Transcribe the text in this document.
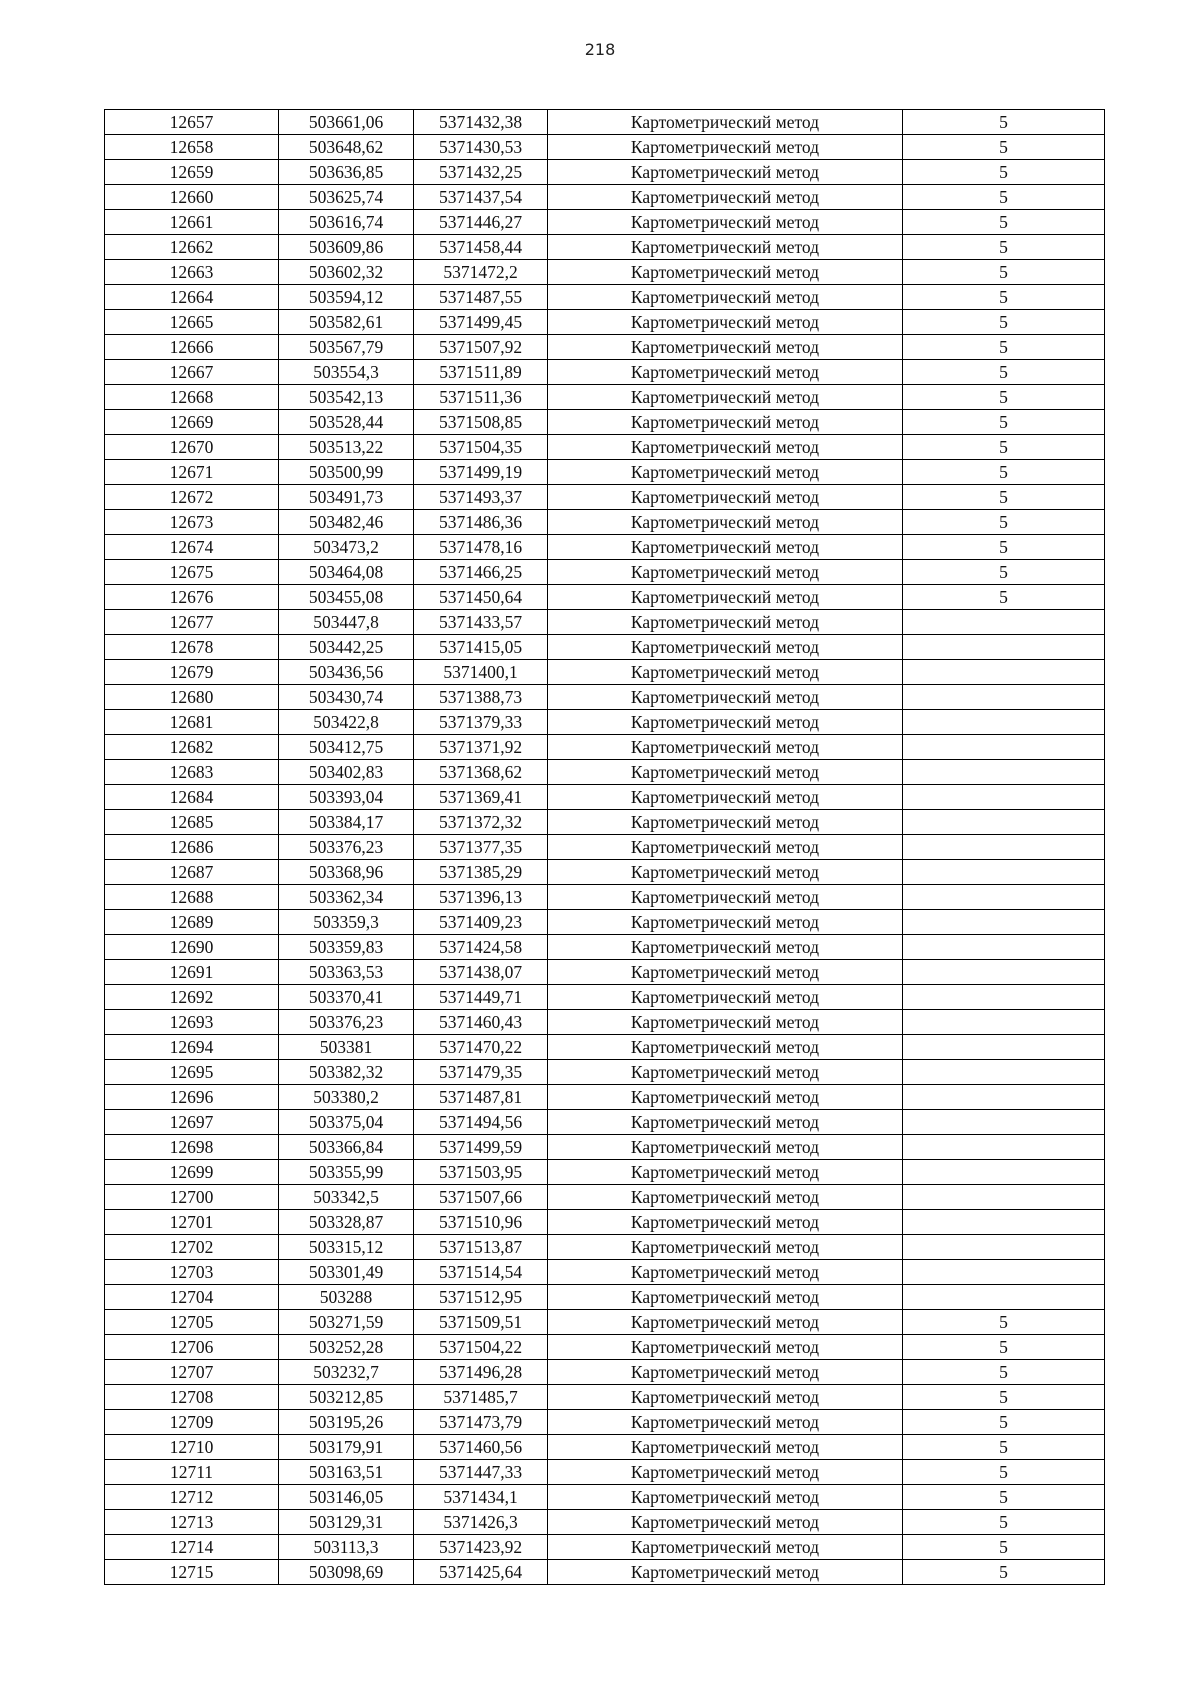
218
12657	503661,06	5371432,38	Картометрический метод	5
12658	503648,62	5371430,53	Картометрический метод	5
12659	503636,85	5371432,25	Картометрический метод	5
12660	503625,74	5371437,54	Картометрический метод	5
12661	503616,74	5371446,27	Картометрический метод	5
12662	503609,86	5371458,44	Картометрический метод	5
12663	503602,32	5371472,2	Картометрический метод	5
12664	503594,12	5371487,55	Картометрический метод	5
12665	503582,61	5371499,45	Картометрический метод	5
12666	503567,79	5371507,92	Картометрический метод	5
12667	503554,3	5371511,89	Картометрический метод	5
12668	503542,13	5371511,36	Картометрический метод	5
12669	503528,44	5371508,85	Картометрический метод	5
12670	503513,22	5371504,35	Картометрический метод	5
12671	503500,99	5371499,19	Картометрический метод	5
12672	503491,73	5371493,37	Картометрический метод	5
12673	503482,46	5371486,36	Картометрический метод	5
12674	503473,2	5371478,16	Картометрический метод	5
12675	503464,08	5371466,25	Картометрический метод	5
12676	503455,08	5371450,64	Картометрический метод	5
12677	503447,8	5371433,57	Картометрический метод	
12678	503442,25	5371415,05	Картометрический метод	
12679	503436,56	5371400,1	Картометрический метод	
12680	503430,74	5371388,73	Картометрический метод	
12681	503422,8	5371379,33	Картометрический метод	
12682	503412,75	5371371,92	Картометрический метод	
12683	503402,83	5371368,62	Картометрический метод	
12684	503393,04	5371369,41	Картометрический метод	
12685	503384,17	5371372,32	Картометрический метод	
12686	503376,23	5371377,35	Картометрический метод	
12687	503368,96	5371385,29	Картометрический метод	
12688	503362,34	5371396,13	Картометрический метод	
12689	503359,3	5371409,23	Картометрический метод	
12690	503359,83	5371424,58	Картометрический метод	
12691	503363,53	5371438,07	Картометрический метод	
12692	503370,41	5371449,71	Картометрический метод	
12693	503376,23	5371460,43	Картометрический метод	
12694	503381	5371470,22	Картометрический метод	
12695	503382,32	5371479,35	Картометрический метод	
12696	503380,2	5371487,81	Картометрический метод	
12697	503375,04	5371494,56	Картометрический метод	
12698	503366,84	5371499,59	Картометрический метод	
12699	503355,99	5371503,95	Картометрический метод	
12700	503342,5	5371507,66	Картометрический метод	
12701	503328,87	5371510,96	Картометрический метод	
12702	503315,12	5371513,87	Картометрический метод	
12703	503301,49	5371514,54	Картометрический метод	
12704	503288	5371512,95	Картометрический метод	
12705	503271,59	5371509,51	Картометрический метод	5
12706	503252,28	5371504,22	Картометрический метод	5
12707	503232,7	5371496,28	Картометрический метод	5
12708	503212,85	5371485,7	Картометрический метод	5
12709	503195,26	5371473,79	Картометрический метод	5
12710	503179,91	5371460,56	Картометрический метод	5
12711	503163,51	5371447,33	Картометрический метод	5
12712	503146,05	5371434,1	Картометрический метод	5
12713	503129,31	5371426,3	Картометрический метод	5
12714	503113,3	5371423,92	Картометрический метод	5
12715	503098,69	5371425,64	Картометрический метод	5
